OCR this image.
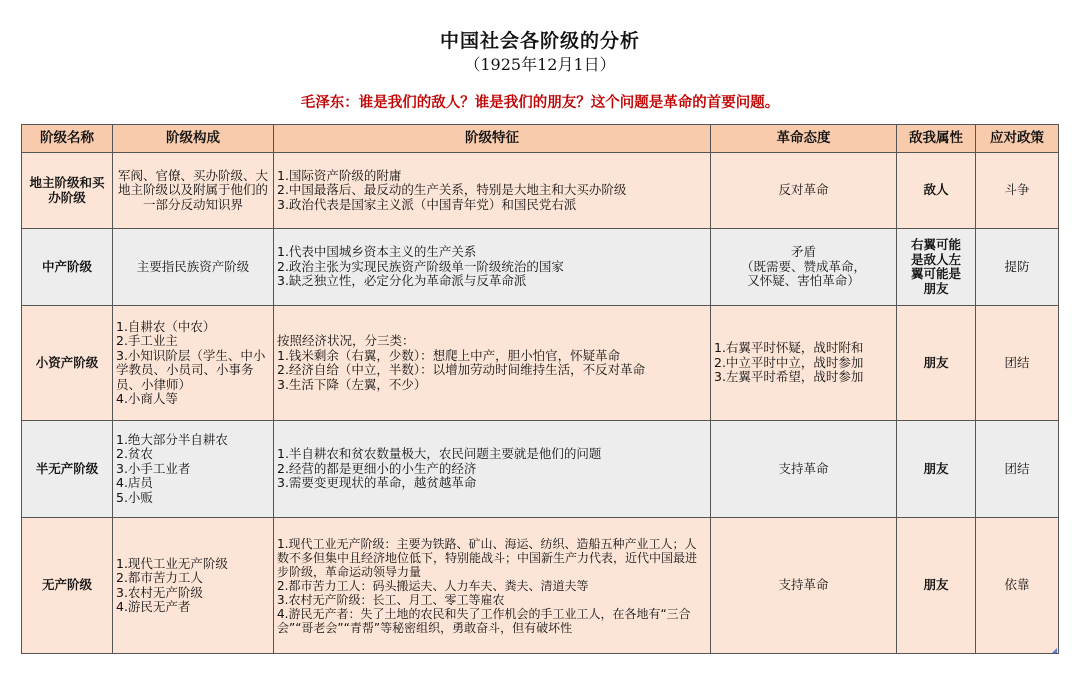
中国社会各阶级的分析
（1925年12月1日）
毛泽东：谁是我们的敌人？谁是我们的朋友？这个问题是革命的首要问题。
阶级名称	阶级构成	阶级特征	革命态度	敌我属性	应对政策

地主阶级和买办阶级	军阀、官僚、买办阶级、大地主阶级以及附属于他们的一部分反动知识界	1.国际资产阶级的附庸
2.中国最落后、最反动的生产关系，特别是大地主和大买办阶级
3.政治代表是国家主义派（中国青年党）和国民党右派	反对革命	敌人	斗争
中产阶级	主要指民族资产阶级	1.代表中国城乡资本主义的生产关系
2.政治主张为实现民族资产阶级单一阶级统治的国家
3.缺乏独立性，必定分化为革命派与反革命派	矛盾
（既需要、赞成革命，
又怀疑、害怕革命）	右翼可能是敌人左翼可能是朋友	提防
小资产阶级	1.自耕农（中农）
2.手工业主
3.小知识阶层（学生、中小学教员、小员司、小事务员、小律师）
4.小商人等	按照经济状况，分三类：
1.钱米剩余（右翼，少数）：想爬上中产，胆小怕官，怀疑革命
2.经济自给（中立，半数）：以增加劳动时间维持生活，不反对革命
3.生活下降（左翼，不少）	1.右翼平时怀疑，战时附和
2.中立平时中立，战时参加
3.左翼平时希望，战时参加	朋友	团结
半无产阶级	1.绝大部分半自耕农
2.贫农
3.小手工业者
4.店员
5.小贩	1.半自耕农和贫农数量极大，农民问题主要就是他们的问题
2.经营的都是更细小的小生产的经济
3.需要变更现状的革命，越贫越革命	支持革命	朋友	团结
无产阶级	1.现代工业无产阶级
2.都市苦力工人
3.农村无产阶级
4.游民无产者	1.现代工业无产阶级：主要为铁路、矿山、海运、纺织、造船五种产业工人；人数不多但集中且经济地位低下，特别能战斗；中国新生产力代表，近代中国最进步阶级，革命运动领导力量
2.都市苦力工人：码头搬运夫、人力车夫、粪夫、清道夫等
3.农村无产阶级：长工、月工、零工等雇农
4.游民无产者：失了土地的农民和失了工作机会的手工业工人，在各地有“三合会”“哥老会”“青帮”等秘密组织，勇敢奋斗，但有破坏性	支持革命	朋友	依靠
